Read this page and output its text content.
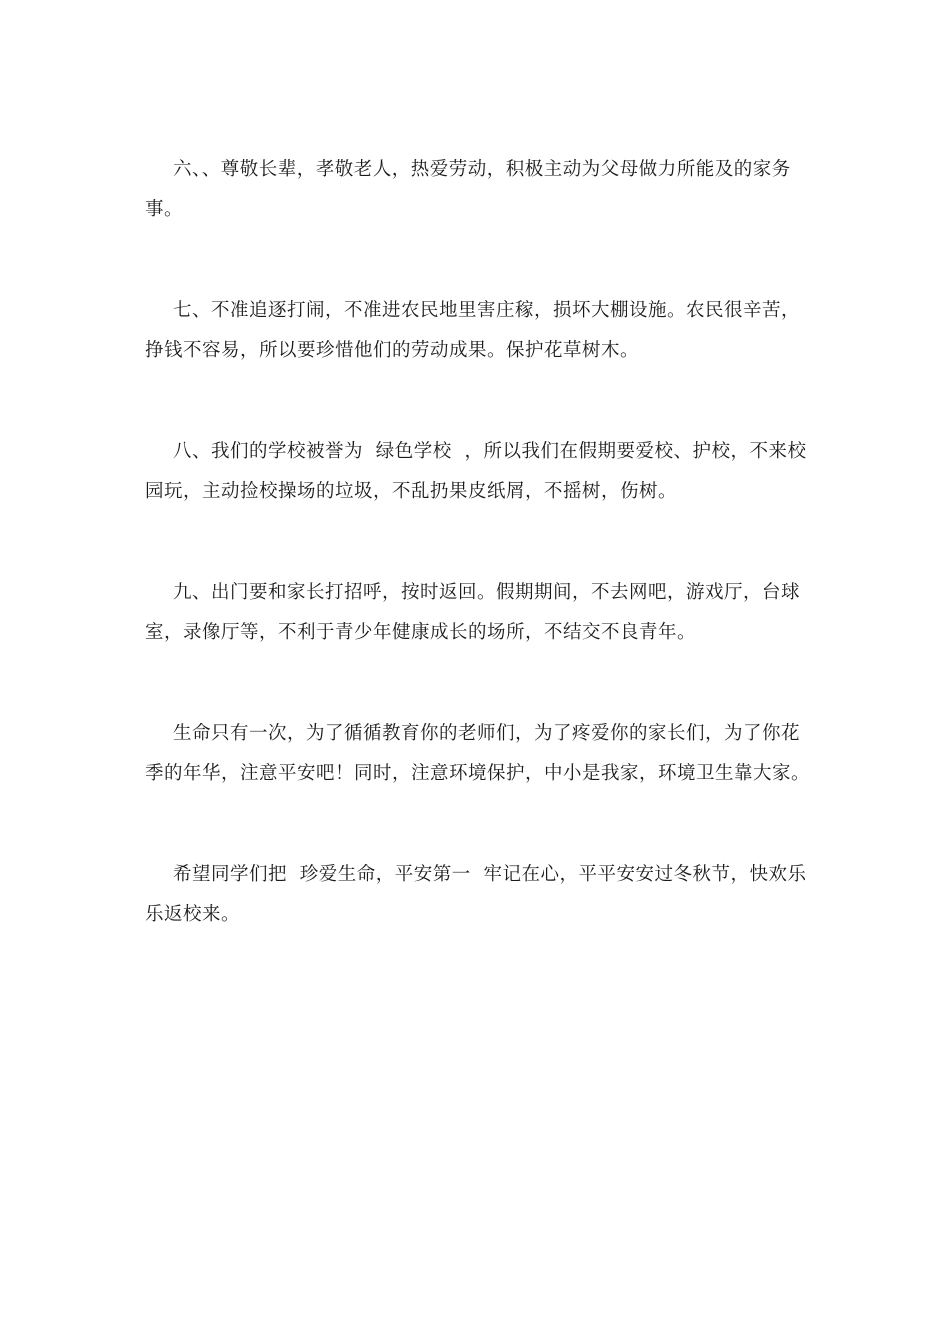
六、、尊敬长辈，孝敬老人，热爱劳动，积极主动为父母做力所能及的家务事。

七、不准追逐打闹，不准进农民地里害庄稼，损坏大棚设施。农民很辛苦，挣钱不容易，所以要珍惜他们的劳动成果。保护花草树木。

八、我们的学校被誉为  绿色学校  ，所以我们在假期要爱校、护校，不来校园玩，主动捡校操场的垃圾，不乱扔果皮纸屑，不摇树，伤树。

九、出门要和家长打招呼，按时返回。假期期间，不去网吧，游戏厅，台球室，录像厅等，不利于青少年健康成长的场所，不结交不良青年。

生命只有一次，为了循循教育你的老师们，为了疼爱你的家长们，为了你花季的年华，注意平安吧！同时，注意环境保护，中小是我家，环境卫生靠大家。

希望同学们把  珍爱生命，平安第一  牢记在心，平平安安过冬秋节，快欢乐乐返校来。
